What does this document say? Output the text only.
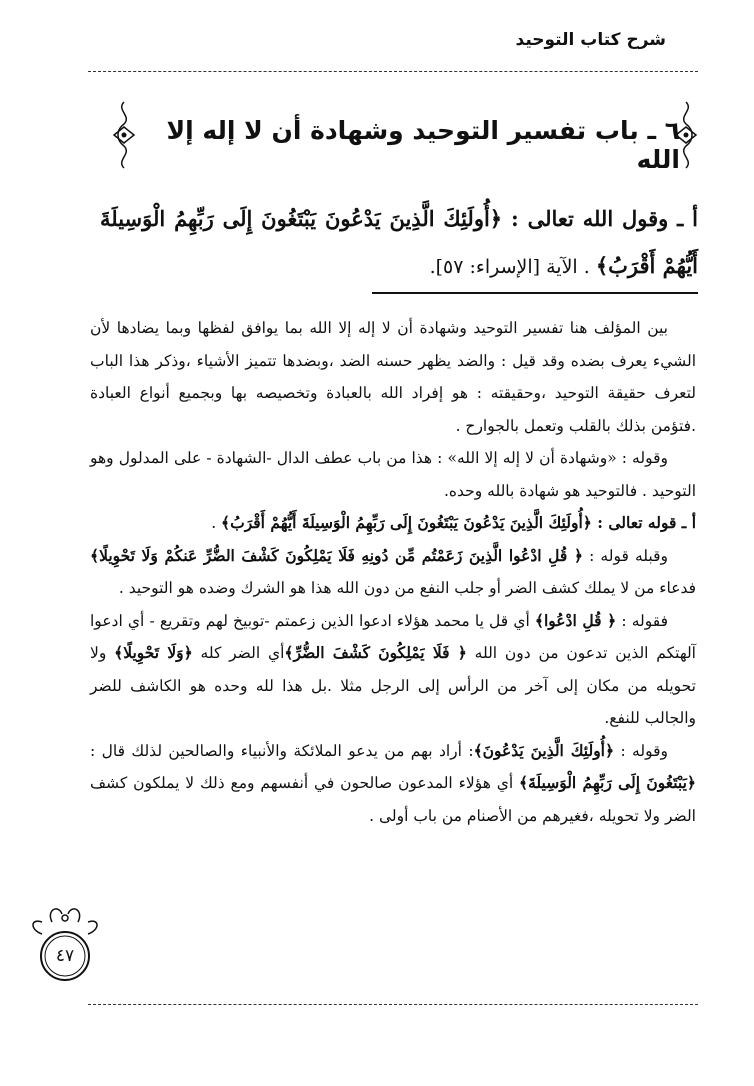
شرح كتاب التوحيد
٦ ـ باب تفسير التوحيد وشهادة أن لا إله إلا الله
أ ـ وقول الله تعالى : ﴿أُولَئِكَ الَّذِينَ يَدْعُونَ يَبْتَغُونَ إِلَى رَبِّهِمُ الْوَسِيلَةَ أَيُّهُمْ أَقْرَبُ﴾ . الآية [الإسراء: ٥٧].

بين المؤلف هنا تفسير التوحيد وشهادة أن لا إله إلا الله بما يوافق لفظها وبما يضادها لأن الشيء يعرف بضده وقد قيل : والضد يظهر حسنه الضد ،وبضدها تتميز الأشياء ،وذكر هذا الباب لتعرف حقيقة التوحيد ،وحقيقته : هو إفراد الله بالعبادة وتخصيصه بها وبجميع أنواع العبادة .فتؤمن بذلك بالقلب وتعمل بالجوارح .

وقوله : «وشهادة أن لا إله إلا الله» : هذا من باب عطف الدال -الشهادة - على المدلول وهو التوحيد . فالتوحيد هو شهادة بالله وحده.

أ ـ قوله تعالى : ﴿أُولَئِكَ الَّذِينَ يَدْعُونَ يَبْتَغُونَ إِلَى رَبِّهِمُ الْوَسِيلَةَ أَيُّهُمْ أَقْرَبُ﴾ .

وقبله قوله : ﴿ قُلِ ادْعُوا الَّذِينَ زَعَمْتُم مِّن دُونِهِ فَلَا يَمْلِكُونَ كَشْفَ الضُّرِّ عَنكُمْ وَلَا تَحْوِيلًا﴾ فدعاء من لا يملك كشف الضر أو جلب النفع من دون الله هذا هو الشرك وضده هو التوحيد .

فقوله : ﴿ قُلِ ادْعُوا﴾ أي قل يا محمد هؤلاء ادعوا الذين زعمتم -توبيخ لهم وتقريع - أي ادعوا آلهتكم الذين تدعون من دون الله ﴿ فَلَا يَمْلِكُونَ كَشْفَ الضُّرِّ﴾أي الضر كله ﴿وَلَا تَحْوِيلًا﴾ ولا تحويله من مكان إلى آخر من الرأس إلى الرجل مثلا .بل هذا لله وحده هو الكاشف للضر والجالب للنفع.

وقوله : ﴿أُولَئِكَ الَّذِينَ يَدْعُونَ﴾: أراد بهم من يدعو الملائكة والأنبياء والصالحين لذلك قال : ﴿يَبْتَغُونَ إِلَى رَبِّهِمُ الْوَسِيلَةَ﴾ أي هؤلاء المدعون صالحون في أنفسهم ومع ذلك لا يملكون كشف الضر ولا تحويله ،فغيرهم من الأصنام من باب أولى .

٤٧
